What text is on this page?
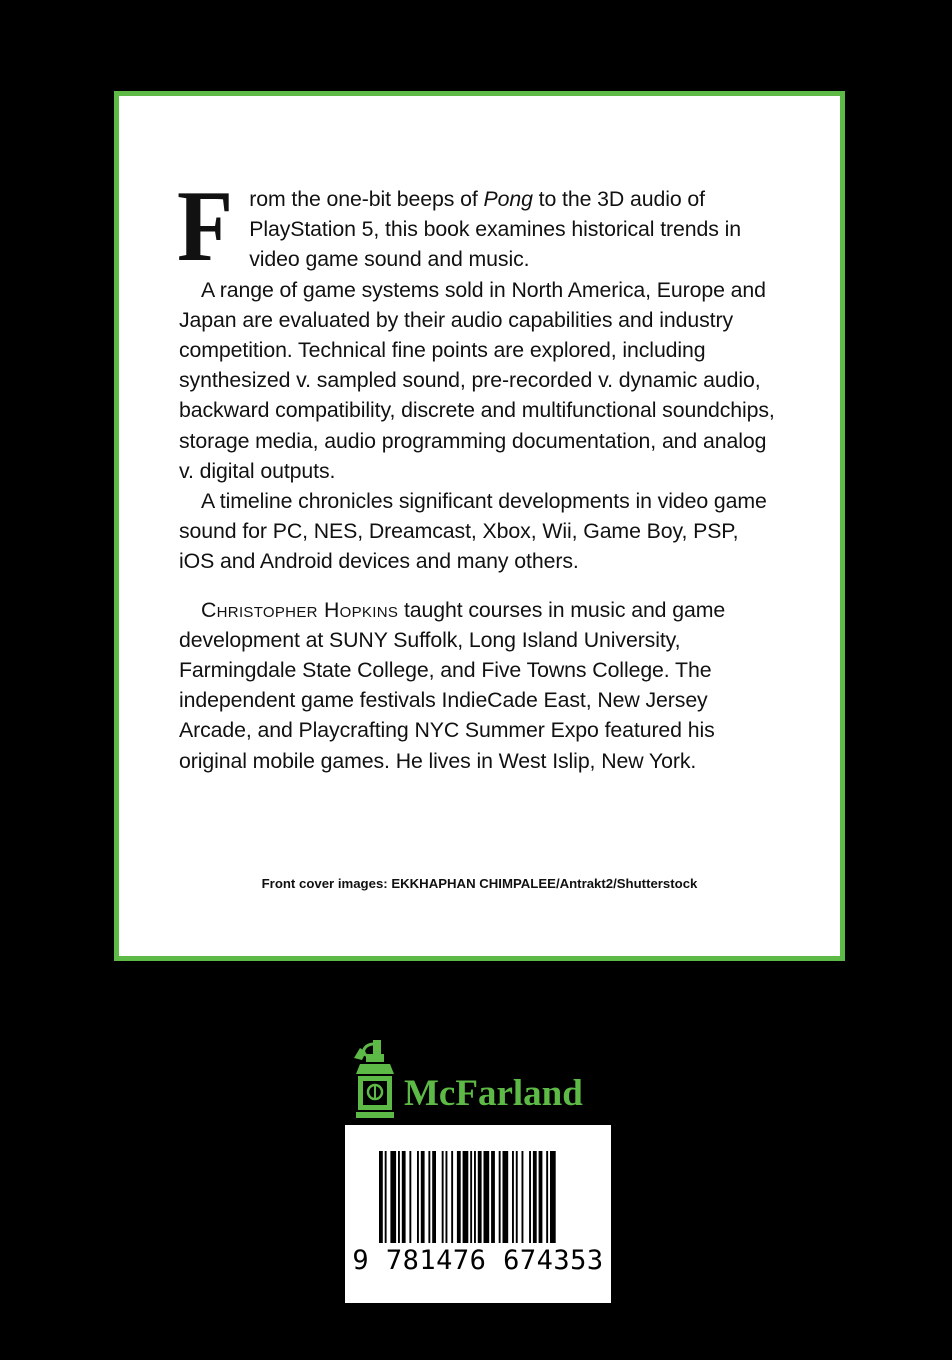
From the one-bit beeps of Pong to the 3D audio of PlayStation 5, this book examines historical trends in video game sound and music.

A range of game systems sold in North America, Europe and Japan are evaluated by their audio capabilities and industry competition. Technical fine points are explored, including synthesized v. sampled sound, pre-recorded v. dynamic audio, backward compatibility, discrete and multifunctional soundchips, storage media, audio programming documentation, and analog v. digital outputs.

A timeline chronicles significant developments in video game sound for PC, NES, Dreamcast, Xbox, Wii, Game Boy, PSP, iOS and Android devices and many others.

Christopher Hopkins taught courses in music and game development at SUNY Suffolk, Long Island University, Farmingdale State College, and Five Towns College. The independent game festivals IndieCade East, New Jersey Arcade, and Playcrafting NYC Summer Expo featured his original mobile games. He lives in West Islip, New York.

Front cover images: EKKHAPHAN CHIMPALEE/Antrakt2/Shutterstock
McFarland
9 781476 674353
